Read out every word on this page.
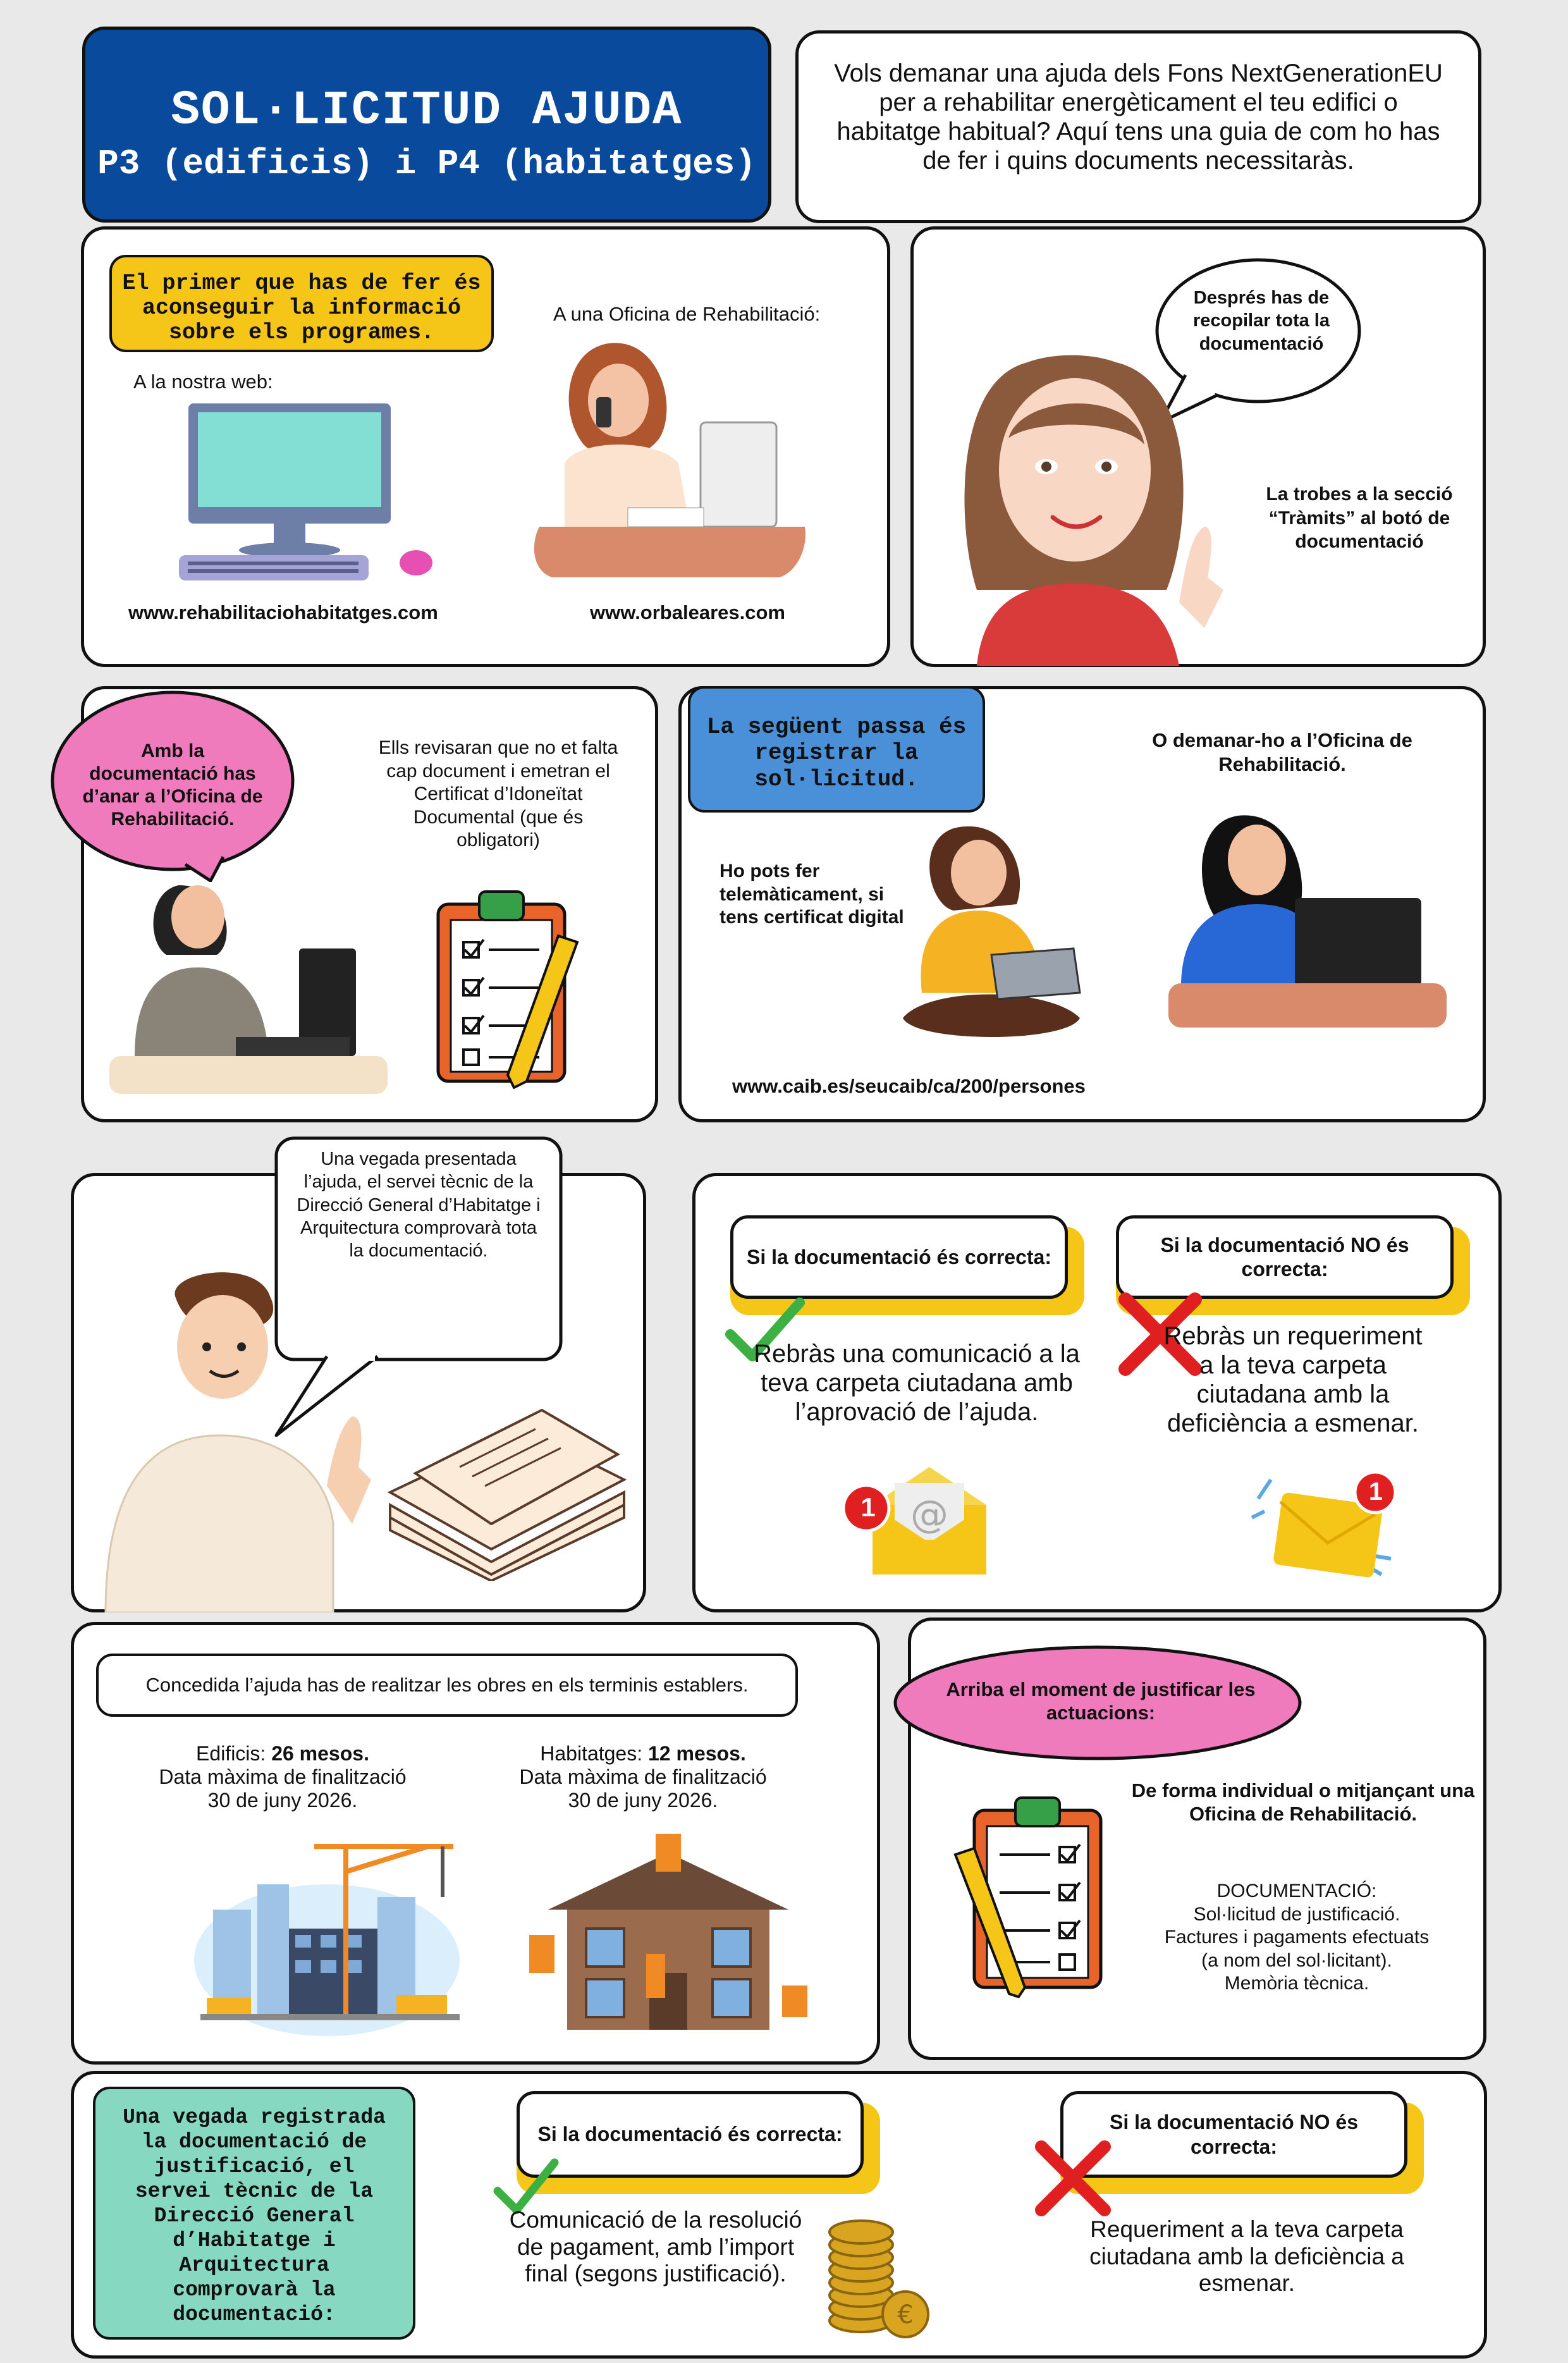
SOL·LICITUD AJUDA
P3 (edificis) i P4 (habitatges)
Vols demanar una ajuda dels Fons NextGenerationEU per a rehabilitar energèticament el teu edifici o habitatge habitual? Aquí tens una guia de com ho has de fer i quins documents necessitaràs.
El primer que has de fer és aconseguir la informació sobre els programes.
A la nostra web:
A una Oficina de Rehabilitació:
www.rehabilitaciohabitatges.com	www.orbaleares.com
Després has de recopilar tota la documentació
La trobes a la secció “Tràmits” al botó de documentació
Amb la documentació has d’anar a l’Oficina de Rehabilitació.
Ells revisaran que no et falta cap document i emetran el Certificat d’Idoneïtat Documental (que és obligatori)
La següent passa és registrar la sol·licitud.
O demanar-ho a l’Oficina de Rehabilitació.
Ho pots fer telemàticament, si tens certificat digital
www.caib.es/seucaib/ca/200/persones
Una vegada presentada l’ajuda, el servei tècnic de la Direcció General d’Habitatge i Arquitectura comprovarà tota la documentació.	Si la documentació és correcta:
Si la documentació NO és correcta:
Rebràs una comunicació a la teva carpeta ciutadana amb l’aprovació de l’ajuda.
Rebràs un requeriment a la teva carpeta ciutadana amb la deficiència a esmenar.
@
1
1
Concedida l’ajuda has de realitzar les obres en els terminis establers.
Edificis: 26 mesos.
Data màxima de finalització 30 de juny 2026.
Habitatges: 12 mesos.
Data màxima de finalització 30 de juny 2026.
Arriba el moment de justificar les actuacions:
De forma individual o mitjançant una Oficina de Rehabilitació.
DOCUMENTACIÓ:
Sol·licitud de justificació.
Factures i pagaments efectuats
(a nom del sol·licitant).
Memòria tècnica.
Una vegada registrada la documentació de justificació, el servei tècnic de la Direcció General d’Habitatge i Arquitectura comprovarà la documentació:
Si la documentació és correcta:
Si la documentació NO és correcta:
Comunicació de la resolució de pagament, amb l’import final (segons justificació).
€
Requeriment a la teva carpeta ciutadana amb la deficiència a esmenar.
